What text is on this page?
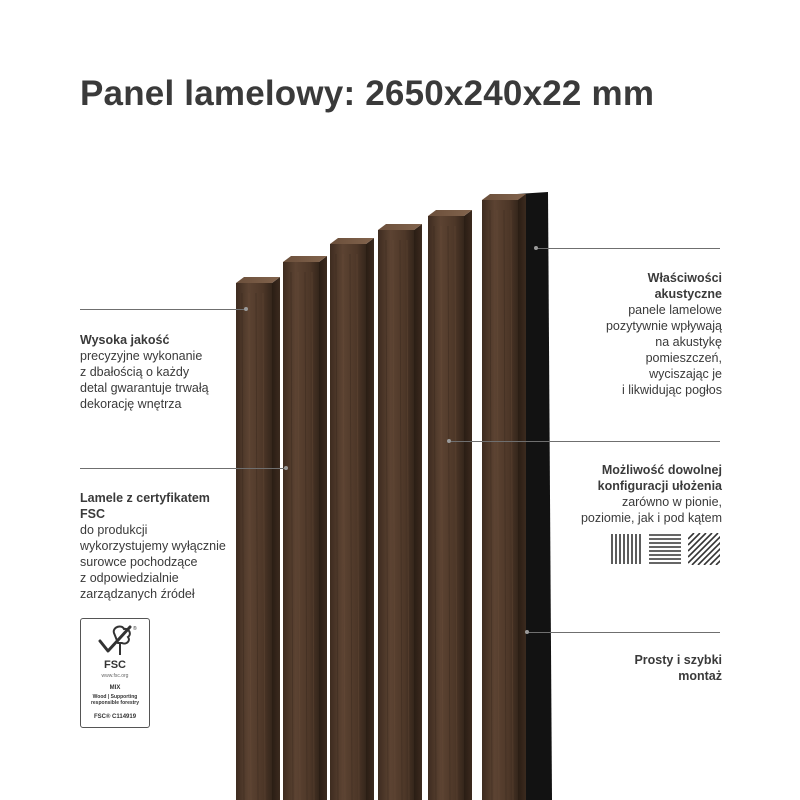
Panel lamelowy: 2650x240x22 mm
Wysoka jakość
precyzyjne wykonanie
z dbałością o każdy
detal gwarantuje trwałą
dekorację wnętrza
Lamele z certyfikatem
FSC
do produkcji
wykorzystujemy wyłącznie
surowce pochodzące
z odpowiedzialnie
zarządzanych źródeł
Właściwości
akustyczne
panele lamelowe
pozytywnie wpływają
na akustykę
pomieszczeń,
wyciszając je
i likwidując pogłos
Możliwość dowolnej
konfiguracji ułożenia
zarówno w pionie,
poziomie, jak i pod kątem
Prosty i szybki
montaż
®
FSC
www.fsc.org
MIX
Wood | Supporting responsible forestry
FSC® C114919
